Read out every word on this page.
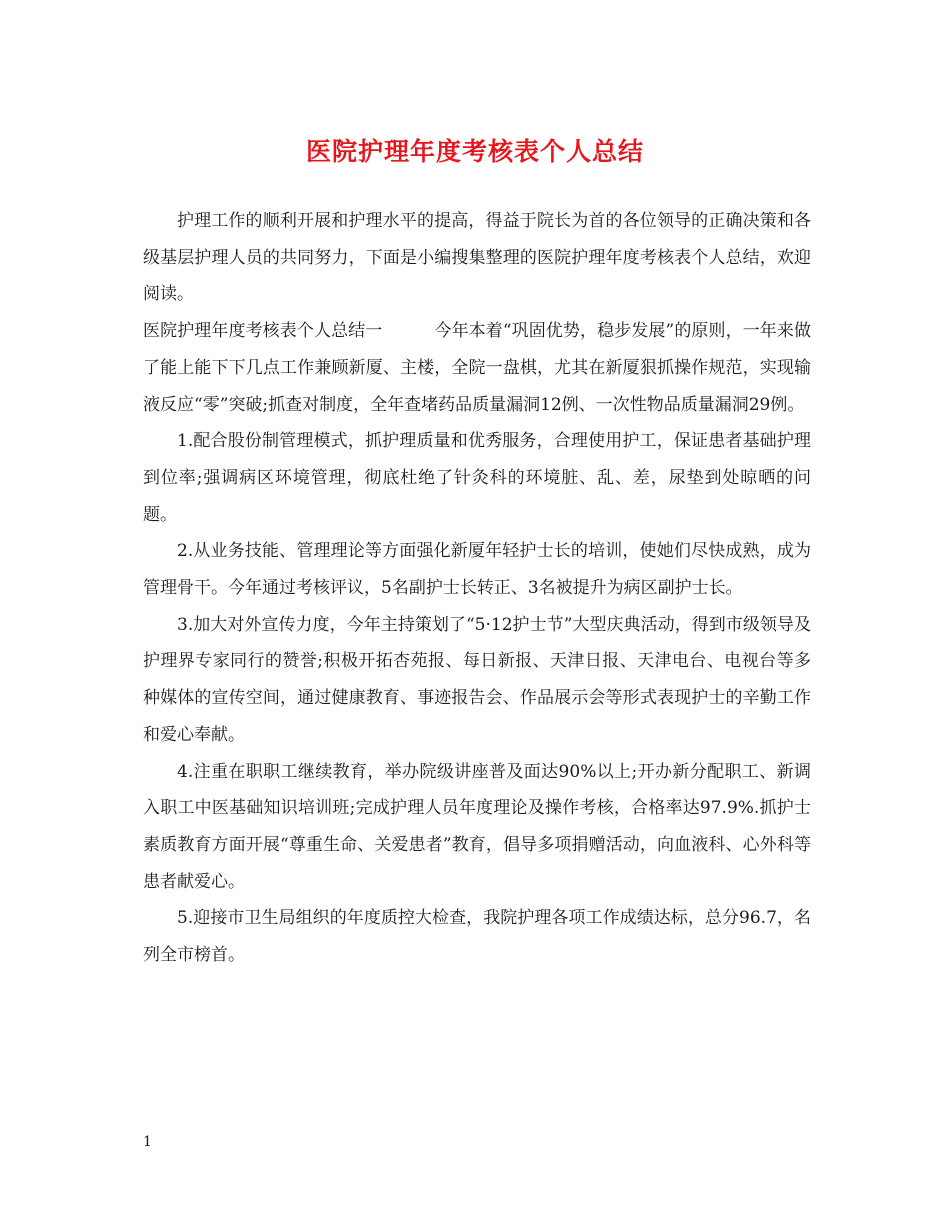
医院护理年度考核表个人总结

护理工作的顺利开展和护理水平的提高，得益于院长为首的各位领导的正确决策和各级基层护理人员的共同努力，下面是小编搜集整理的医院护理年度考核表个人总结，欢迎阅读。

医院护理年度考核表个人总结一	今年本着“巩固优势，稳步发展”的原则，一年来做了能上能下下几点工作兼顾新厦、主楼，全院一盘棋，尤其在新厦狠抓操作规范，实现输液反应“零”突破;抓查对制度，全年查堵药品质量漏洞12例、一次性物品质量漏洞29例。

1.配合股份制管理模式，抓护理质量和优秀服务，合理使用护工，保证患者基础护理到位率;强调病区环境管理，彻底杜绝了针灸科的环境脏、乱、差，尿垫到处晾晒的问题。

2.从业务技能、管理理论等方面强化新厦年轻护士长的培训，使她们尽快成熟，成为管理骨干。今年通过考核评议，5名副护士长转正、3名被提升为病区副护士长。

3.加大对外宣传力度，今年主持策划了“5·12护士节”大型庆典活动，得到市级领导及护理界专家同行的赞誉;积极开拓杏苑报、每日新报、天津日报、天津电台、电视台等多种媒体的宣传空间，通过健康教育、事迹报告会、作品展示会等形式表现护士的辛勤工作和爱心奉献。

4.注重在职职工继续教育，举办院级讲座普及面达90%以上;开办新分配职工、新调入职工中医基础知识培训班;完成护理人员年度理论及操作考核，合格率达97.9%.抓护士素质教育方面开展“尊重生命、关爱患者”教育，倡导多项捐赠活动，向血液科、心外科等患者献爱心。

5.迎接市卫生局组织的年度质控大检查，我院护理各项工作成绩达标，总分96.7，名列全市榜首。

1
